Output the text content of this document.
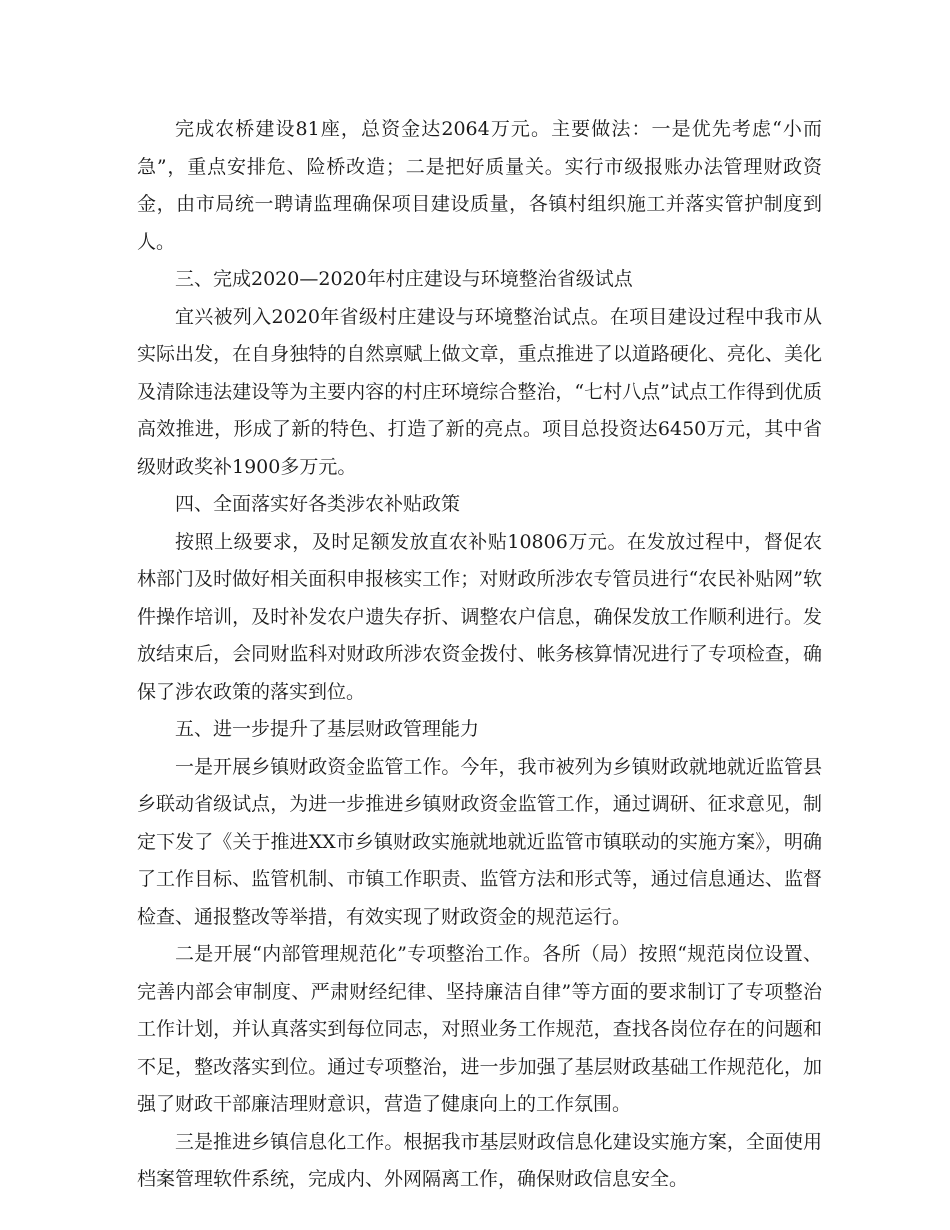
完成农桥建设81座，总资金达2064万元。主要做法：一是优先考虑“小而急”，重点安排危、险桥改造；二是把好质量关。实行市级报账办法管理财政资金，由市局统一聘请监理确保项目建设质量，各镇村组织施工并落实管护制度到人。

三、完成2020—2020年村庄建设与环境整治省级试点

宜兴被列入2020年省级村庄建设与环境整治试点。在项目建设过程中我市从实际出发，在自身独特的自然禀赋上做文章，重点推进了以道路硬化、亮化、美化及清除违法建设等为主要内容的村庄环境综合整治，“七村八点”试点工作得到优质高效推进，形成了新的特色、打造了新的亮点。项目总投资达6450万元，其中省级财政奖补1900多万元。

四、全面落实好各类涉农补贴政策

按照上级要求，及时足额发放直农补贴10806万元。在发放过程中，督促农林部门及时做好相关面积申报核实工作；对财政所涉农专管员进行“农民补贴网”软件操作培训，及时补发农户遗失存折、调整农户信息，确保发放工作顺利进行。发放结束后，会同财监科对财政所涉农资金拨付、帐务核算情况进行了专项检查，确保了涉农政策的落实到位。

五、进一步提升了基层财政管理能力

一是开展乡镇财政资金监管工作。今年，我市被列为乡镇财政就地就近监管县乡联动省级试点，为进一步推进乡镇财政资金监管工作，通过调研、征求意见，制定下发了《关于推进XX市乡镇财政实施就地就近监管市镇联动的实施方案》，明确了工作目标、监管机制、市镇工作职责、监管方法和形式等，通过信息通达、监督检查、通报整改等举措，有效实现了财政资金的规范运行。

二是开展“内部管理规范化”专项整治工作。各所（局）按照“规范岗位设置、完善内部会审制度、严肃财经纪律、坚持廉洁自律”等方面的要求制订了专项整治工作计划，并认真落实到每位同志，对照业务工作规范，查找各岗位存在的问题和不足，整改落实到位。通过专项整治，进一步加强了基层财政基础工作规范化，加强了财政干部廉洁理财意识，营造了健康向上的工作氛围。

三是推进乡镇信息化工作。根据我市基层财政信息化建设实施方案，全面使用档案管理软件系统，完成内、外网隔离工作，确保财政信息安全。
